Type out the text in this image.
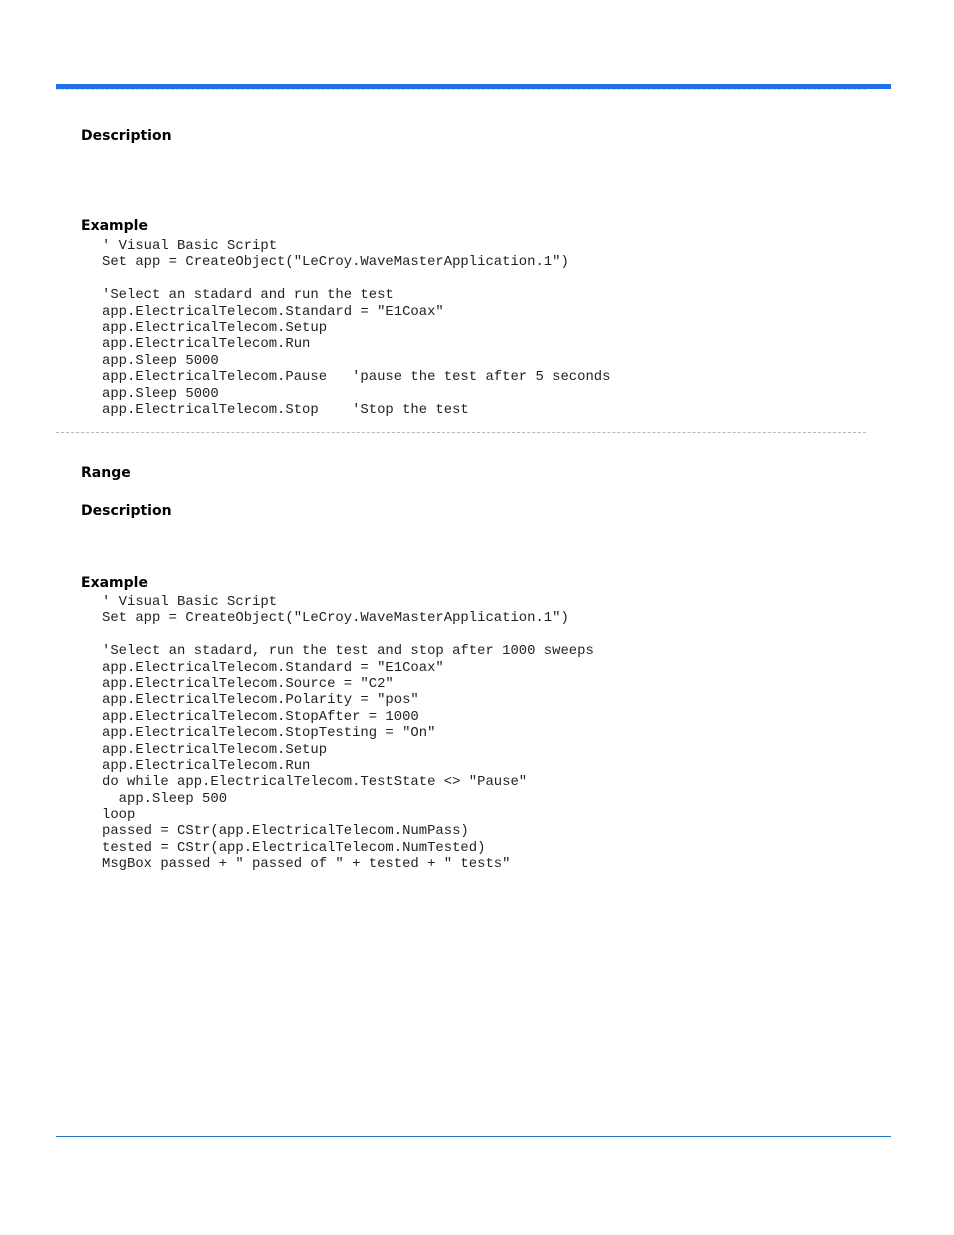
Description
Example
' Visual Basic Script
Set app = CreateObject("LeCroy.WaveMasterApplication.1")
'Select an stadard and run the test
app.ElectricalTelecom.Standard = "E1Coax"
app.ElectricalTelecom.Setup
app.ElectricalTelecom.Run
app.Sleep 5000
app.ElectricalTelecom.Pause   'pause the test after 5 seconds
app.Sleep 5000
app.ElectricalTelecom.Stop    'Stop the test
Range
Description
Example
' Visual Basic Script
Set app = CreateObject("LeCroy.WaveMasterApplication.1")
'Select an stadard, run the test and stop after 1000 sweeps
app.ElectricalTelecom.Standard = "E1Coax"
app.ElectricalTelecom.Source = "C2"
app.ElectricalTelecom.Polarity = "pos"
app.ElectricalTelecom.StopAfter = 1000
app.ElectricalTelecom.StopTesting = "On"
app.ElectricalTelecom.Setup
app.ElectricalTelecom.Run
do while app.ElectricalTelecom.TestState <> "Pause"
app.Sleep 500
loop
passed = CStr(app.ElectricalTelecom.NumPass)
tested = CStr(app.ElectricalTelecom.NumTested)
MsgBox passed + " passed of " + tested + " tests"
